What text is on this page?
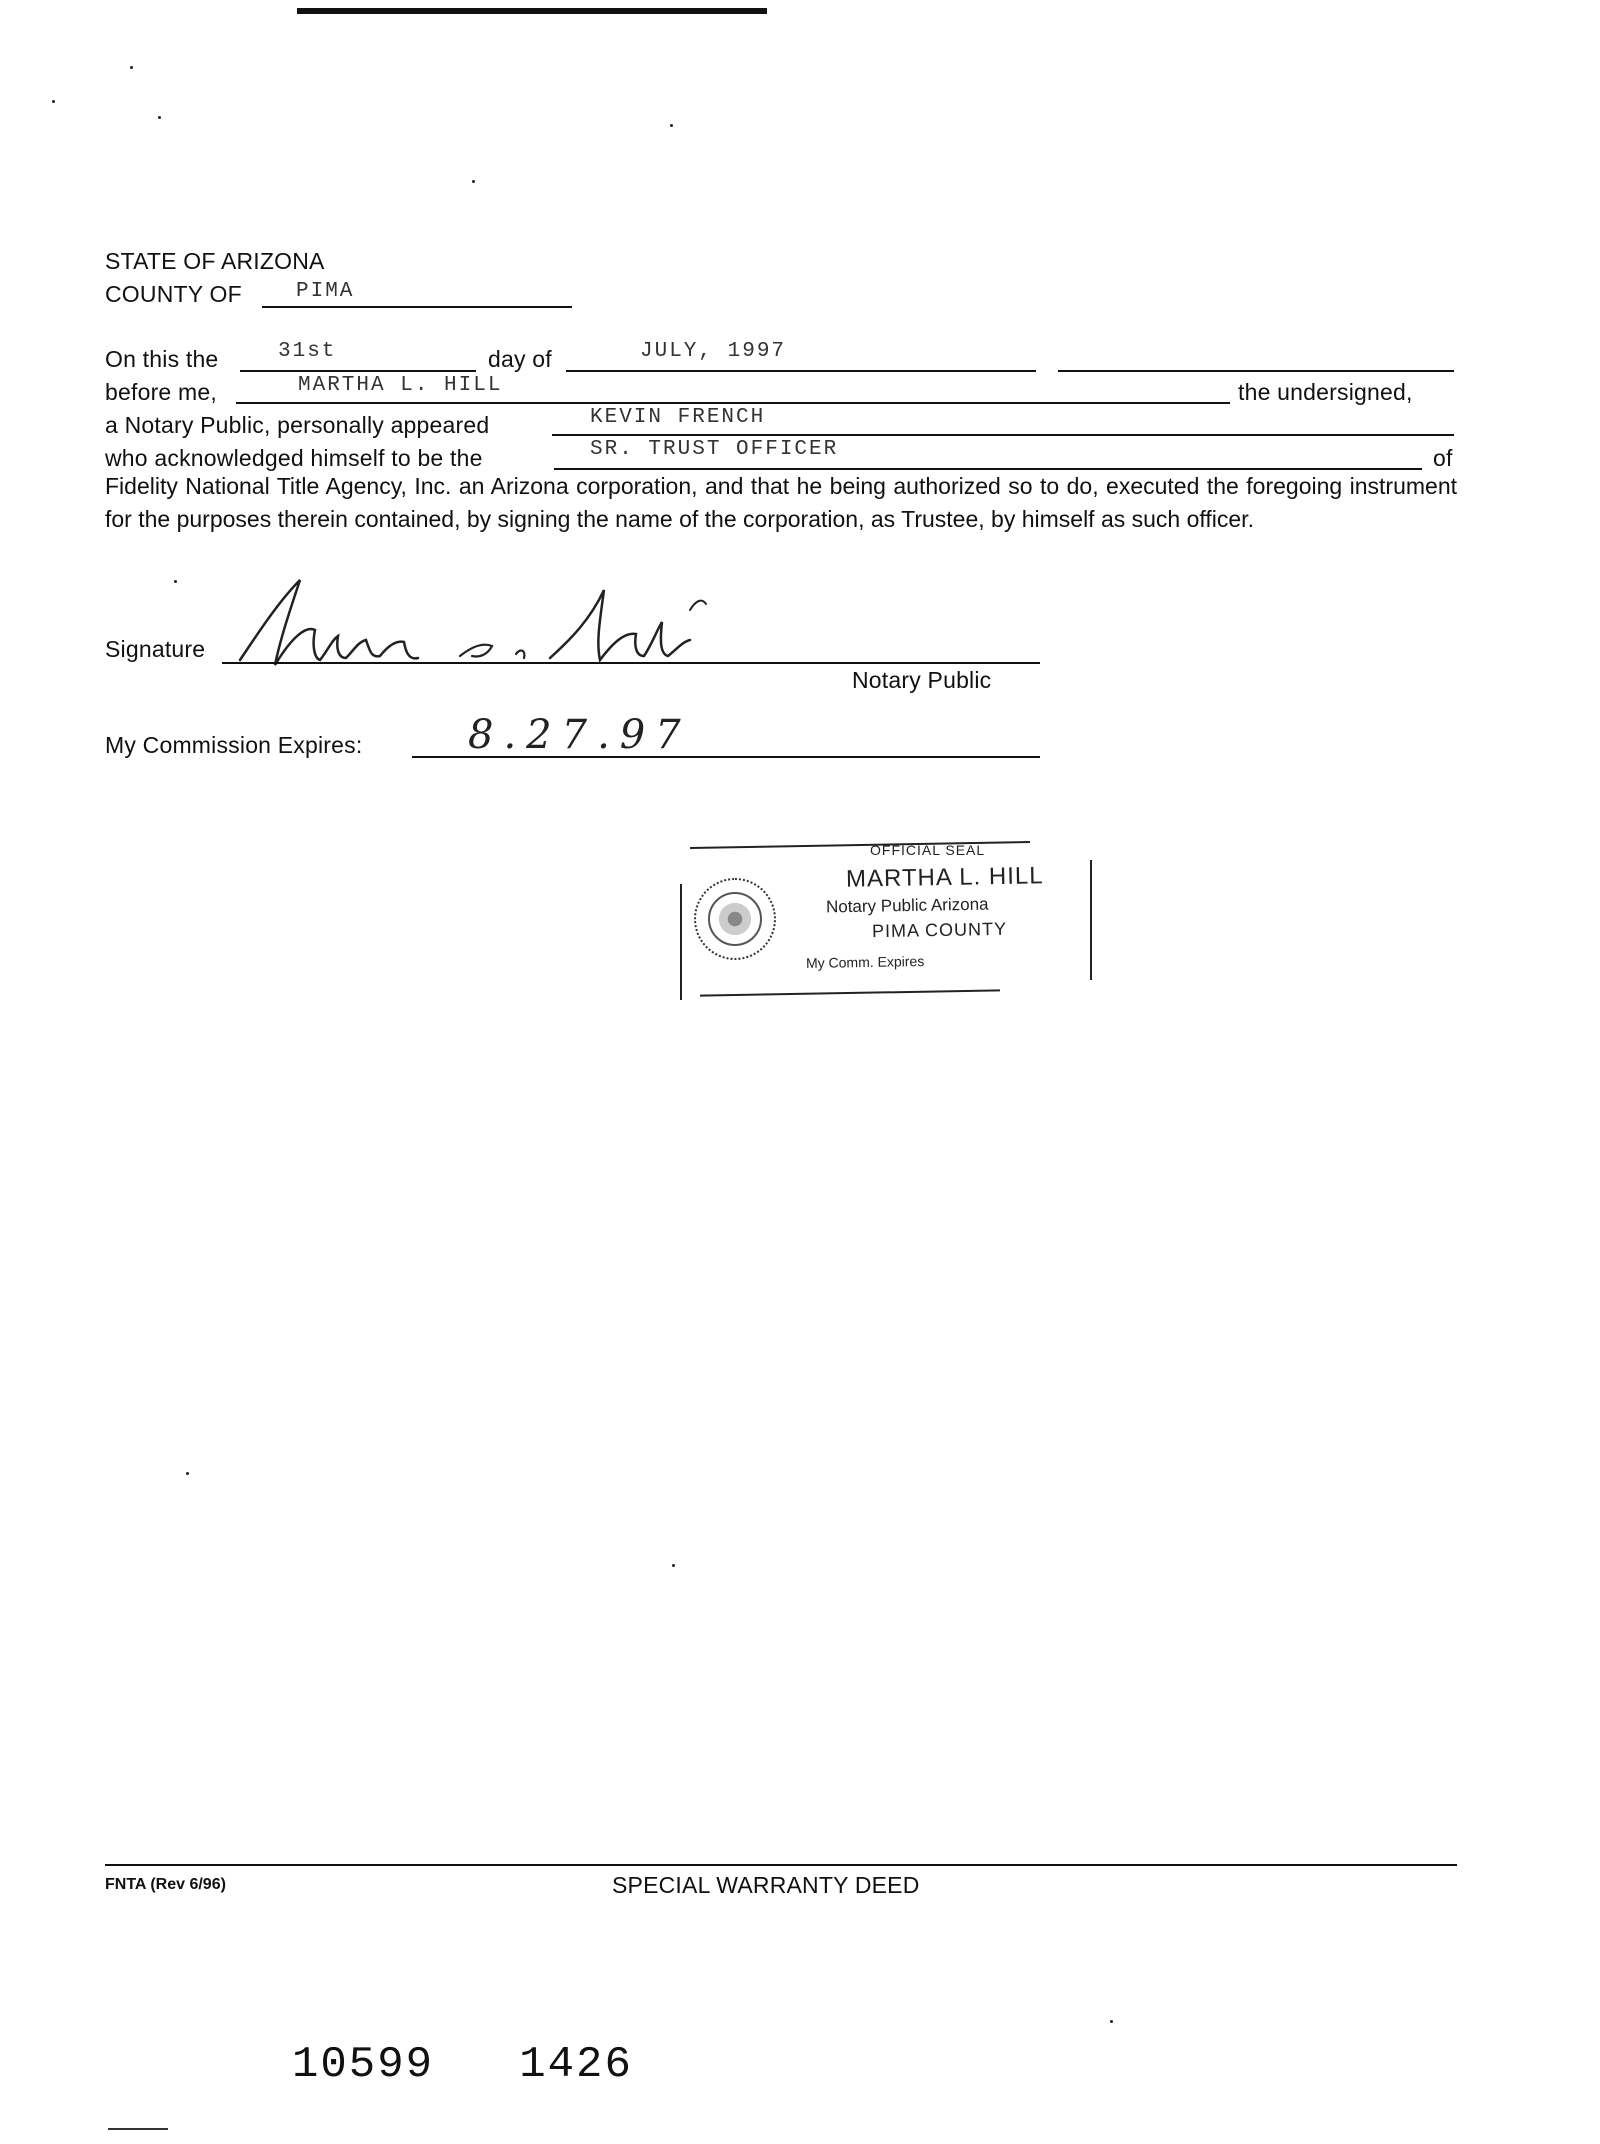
STATE OF ARIZONA
COUNTY OF	PIMA
On this the	31st	day of	JULY, 1997
before me,	MARTHA L. HILL	the undersigned,
a Notary Public, personally appeared	KEVIN FRENCH
who acknowledged himself to be the	SR. TRUST OFFICER	of
Fidelity National Title Agency, Inc. an Arizona corporation, and that he being authorized so to do, executed the foregoing instrument for the purposes therein contained, by signing the name of the corporation, as Trustee, by himself as such officer.
Signature
Notary Public
My Commission Expires:	8.27.97
OFFICIAL SEAL
MARTHA L. HILL
Notary Public Arizona
PIMA COUNTY
My Comm. Expires
FNTA (Rev 6/96)	SPECIAL WARRANTY DEED
10599   1426
